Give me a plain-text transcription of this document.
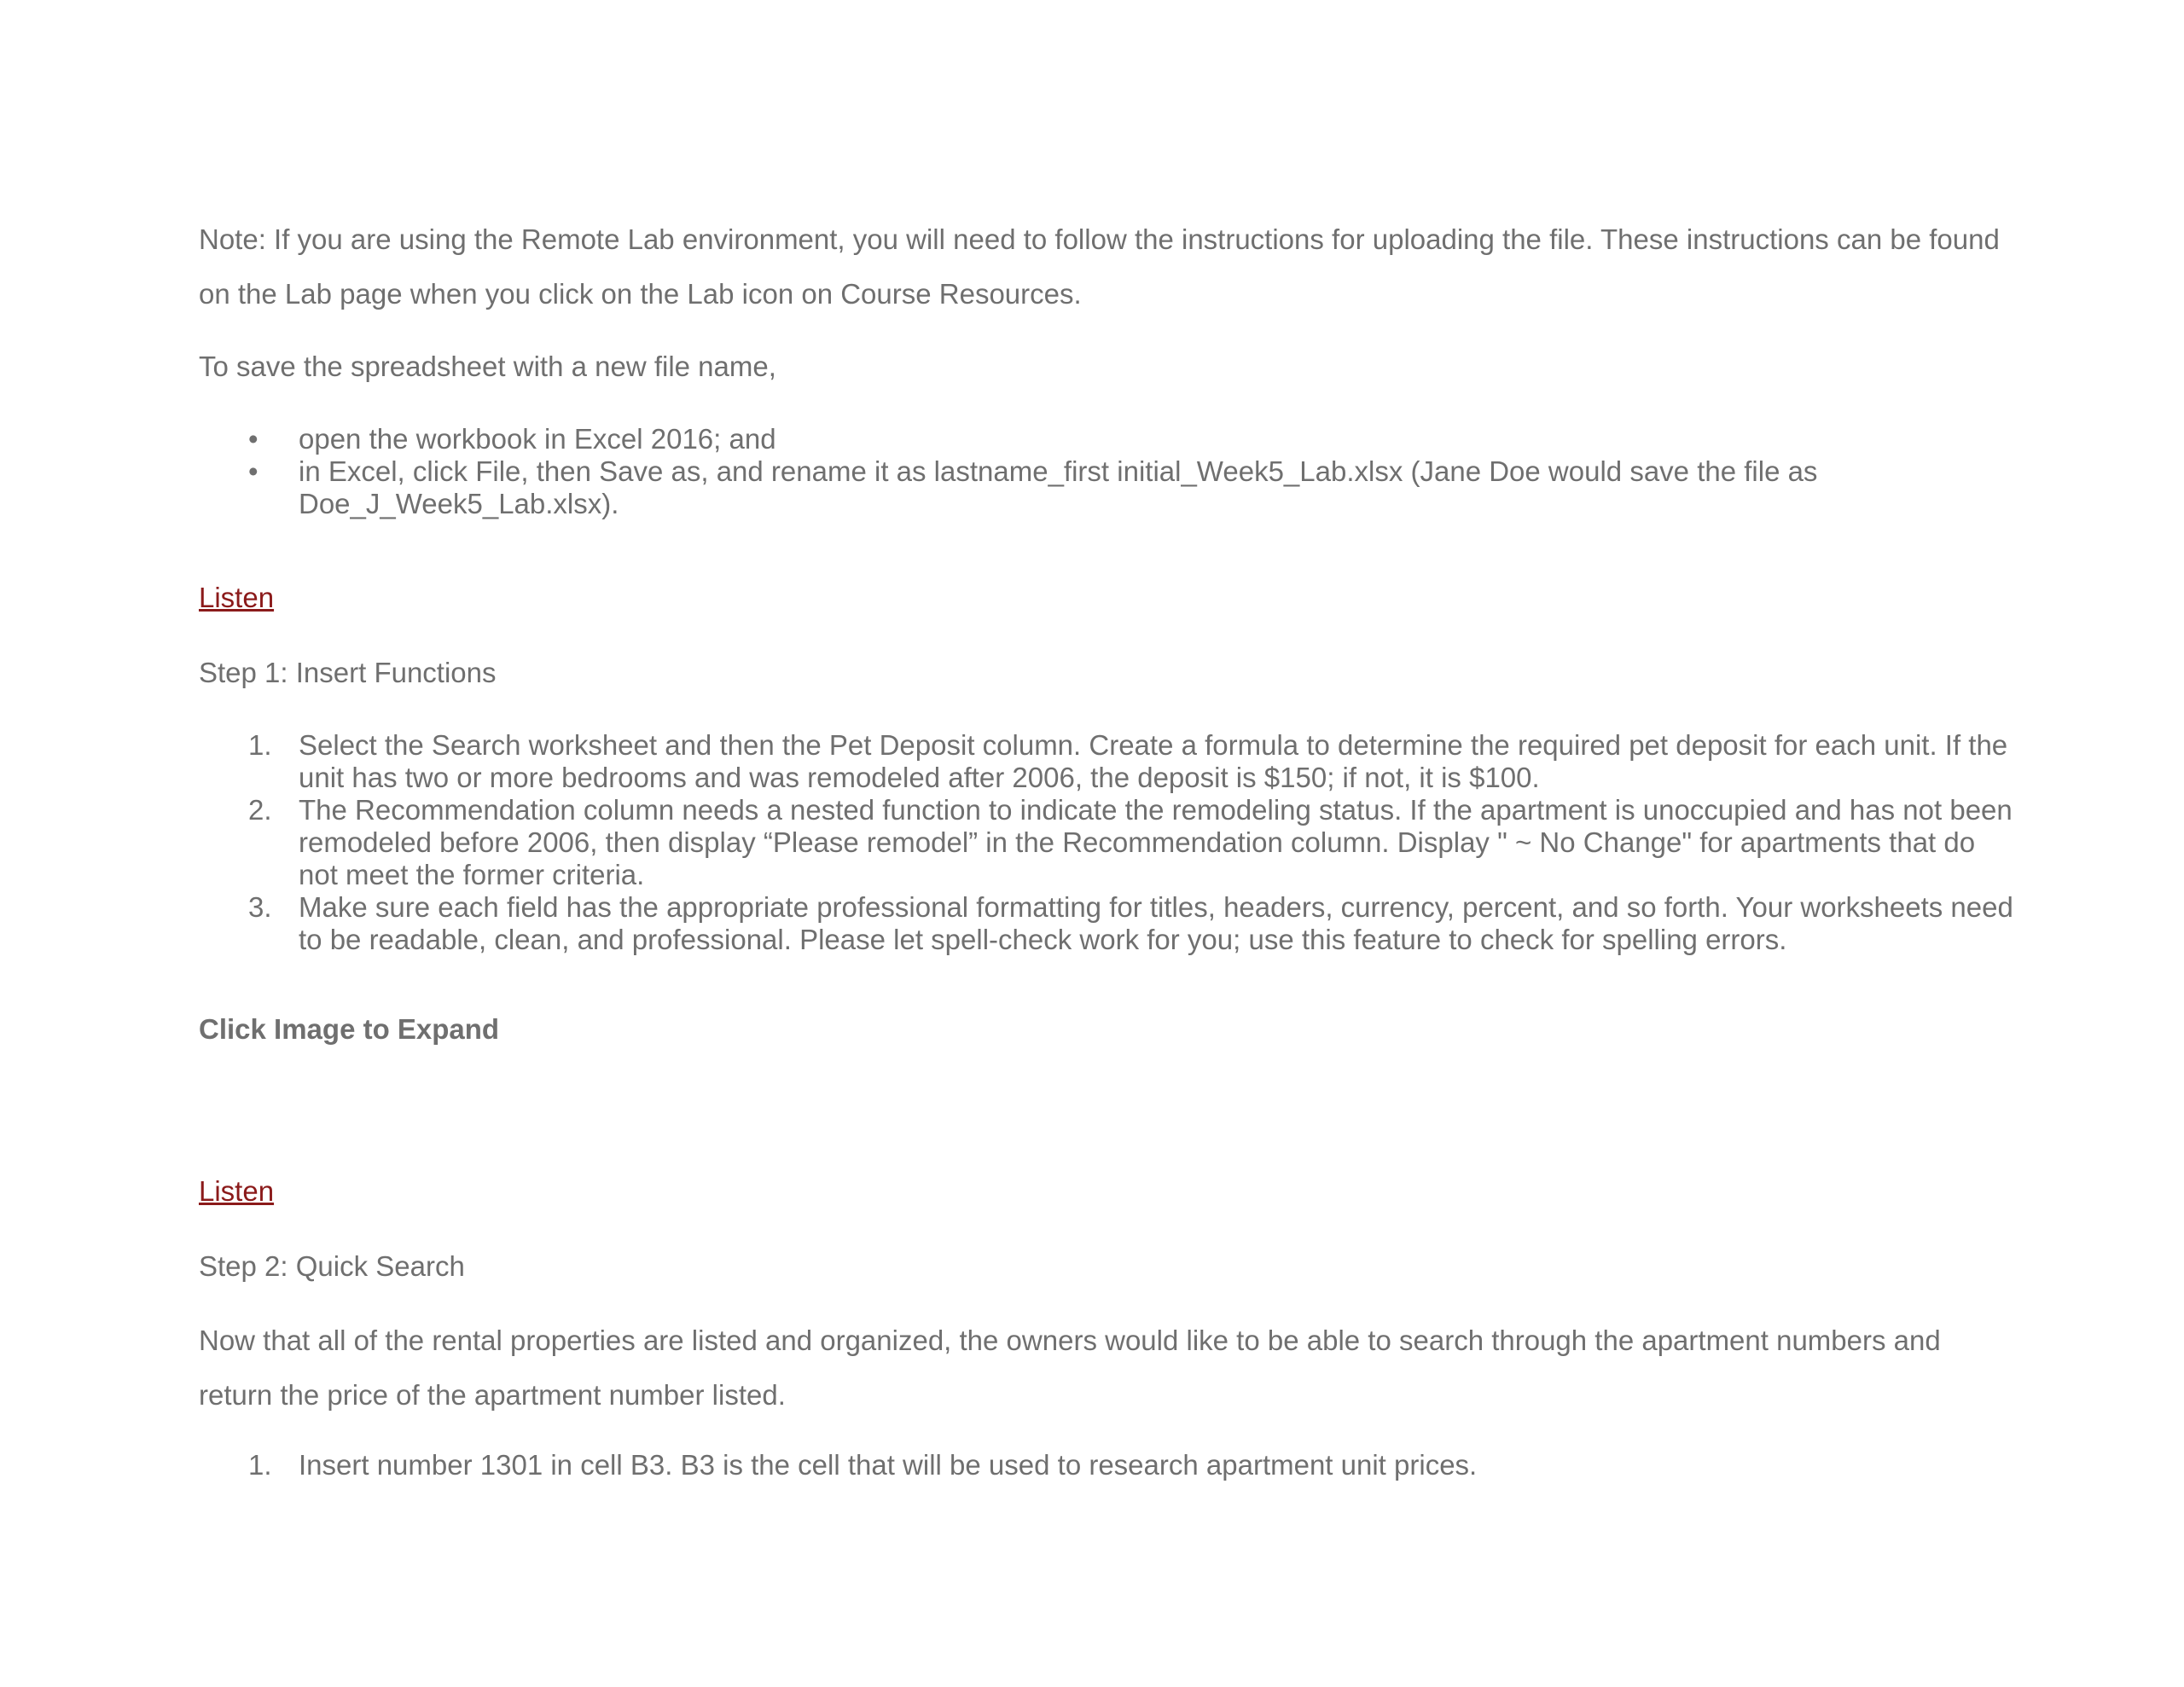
Note: If you are using the Remote Lab environment, you will need to follow the instructions for uploading the file. These instructions can be found on the Lab page when you click on the Lab icon on Course Resources.

To save the spreadsheet with a new file name,

•	open the workbook in Excel 2016; and
•	in Excel, click File, then Save as, and rename it as lastname_first initial_Week5_Lab.xlsx (Jane Doe would save the file as Doe_J_Week5_Lab.xlsx).
Listen

Step 1: Insert Functions

1. Select the Search worksheet and then the Pet Deposit column. Create a formula to determine the required pet deposit for each unit. If the unit has two or more bedrooms and was remodeled after 2006, the deposit is $150; if not, it is $100.
2. The Recommendation column needs a nested function to indicate the remodeling status. If the apartment is unoccupied and has not been remodeled before 2006, then display “Please remodel” in the Recommendation column. Display " ~ No Change" for apartments that do not meet the former criteria.
3. Make sure each field has the appropriate professional formatting for titles, headers, currency, percent, and so forth. Your worksheets need to be readable, clean, and professional. Please let spell-check work for you; use this feature to check for spelling errors.

Click Image to Expand

Listen

Step 2: Quick Search

Now that all of the rental properties are listed and organized, the owners would like to be able to search through the apartment numbers and return the price of the apartment number listed.

1. Insert number 1301 in cell B3. B3 is the cell that will be used to research apartment unit prices.
